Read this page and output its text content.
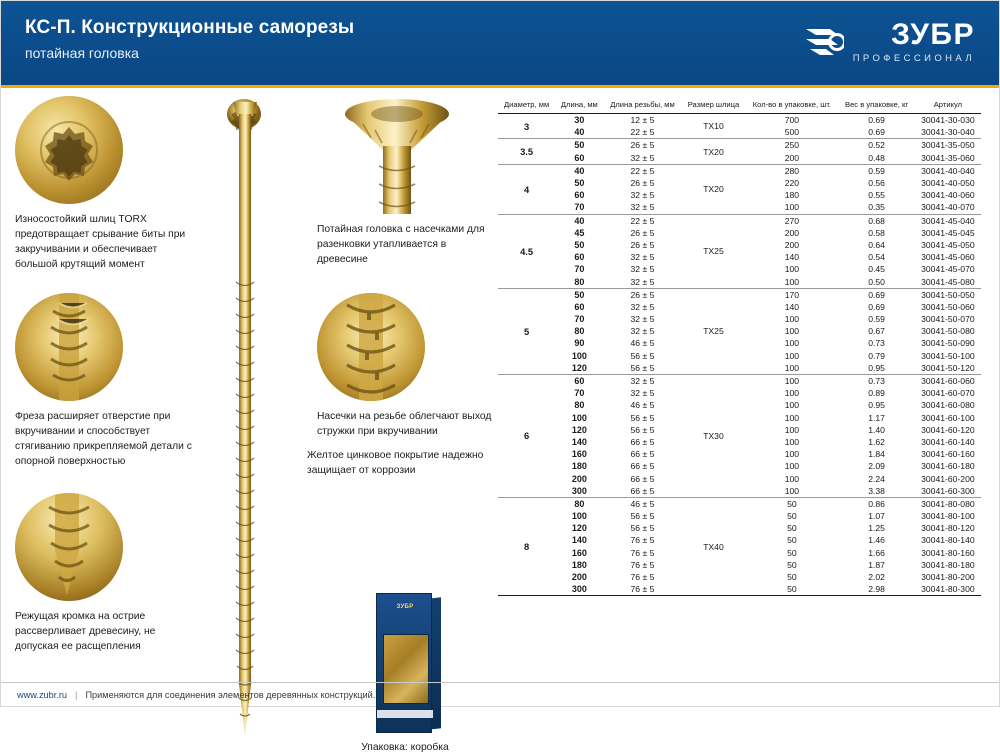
КС-П. Конструкционные саморезы
потайная головка
ЗУБР
ПРОФЕССИОНАЛ
Износостойкий шлиц TORX предотвращает срывание биты при закручивании и обеспечивает большой крутящий момент
Фреза расширяет отверстие при вкручивании и способствует стягиванию прикрепляемой детали с опорной поверхностью
Режущая кромка на острие рассверливает древесину, не допуская ее расщепления
Потайная головка с насечками для разенковки утапливается в древесине
Насечки на резьбе облегчают выход стружки при вкручивании
Желтое цинковое покрытие надежно защищает от коррозии
ЗУБР
Упаковка: коробка
Диаметр, мм	Длина, мм	Длина резьбы, мм	Размер шлица	Кол-во в упаковке, шт.	Вес в упаковке, кг	Артикул
3	30	12 ± 5	TX10	700	0.69	30041-30-030
	40	22 ± 5		500	0.69	30041-30-040
3.5	50	26 ± 5	TX20	250	0.52	30041-35-050
	60	32 ± 5		200	0.48	30041-35-060
4	40	22 ± 5	TX20	280	0.59	30041-40-040
	50	26 ± 5		220	0.56	30041-40-050
	60	32 ± 5		180	0.55	30041-40-060
	70	32 ± 5		100	0.35	30041-40-070
4.5	40	22 ± 5	TX25	270	0.68	30041-45-040
	45	26 ± 5		200	0.58	30041-45-045
	50	26 ± 5		200	0.64	30041-45-050
	60	32 ± 5		140	0.54	30041-45-060
	70	32 ± 5		100	0.45	30041-45-070
	80	32 ± 5		100	0.50	30041-45-080
5	50	26 ± 5	TX25	170	0.69	30041-50-050
	60	32 ± 5		140	0.69	30041-50-060
	70	32 ± 5		100	0.59	30041-50-070
	80	32 ± 5		100	0.67	30041-50-080
	90	46 ± 5		100	0.73	30041-50-090
	100	56 ± 5		100	0.79	30041-50-100
	120	56 ± 5		100	0.95	30041-50-120
6	60	32 ± 5	TX30	100	0.73	30041-60-060
	70	32 ± 5		100	0.89	30041-60-070
	80	46 ± 5		100	0.95	30041-60-080
	100	56 ± 5		100	1.17	30041-60-100
	120	56 ± 5		100	1.40	30041-60-120
	140	66 ± 5		100	1.62	30041-60-140
	160	66 ± 5		100	1.84	30041-60-160
	180	66 ± 5		100	2.09	30041-60-180
	200	66 ± 5		100	2.24	30041-60-200
	300	66 ± 5		100	3.38	30041-60-300
8	80	46 ± 5	TX40	50	0.86	30041-80-080
	100	56 ± 5		50	1.07	30041-80-100
	120	56 ± 5		50	1.25	30041-80-120
	140	76 ± 5		50	1.46	30041-80-140
	160	76 ± 5		50	1.66	30041-80-160
	180	76 ± 5		50	1.87	30041-80-180
	200	76 ± 5		50	2.02	30041-80-200
	300	76 ± 5		50	2.98	30041-80-300
www.zubr.ru | Применяются для соединения элементов деревянных конструкций.
